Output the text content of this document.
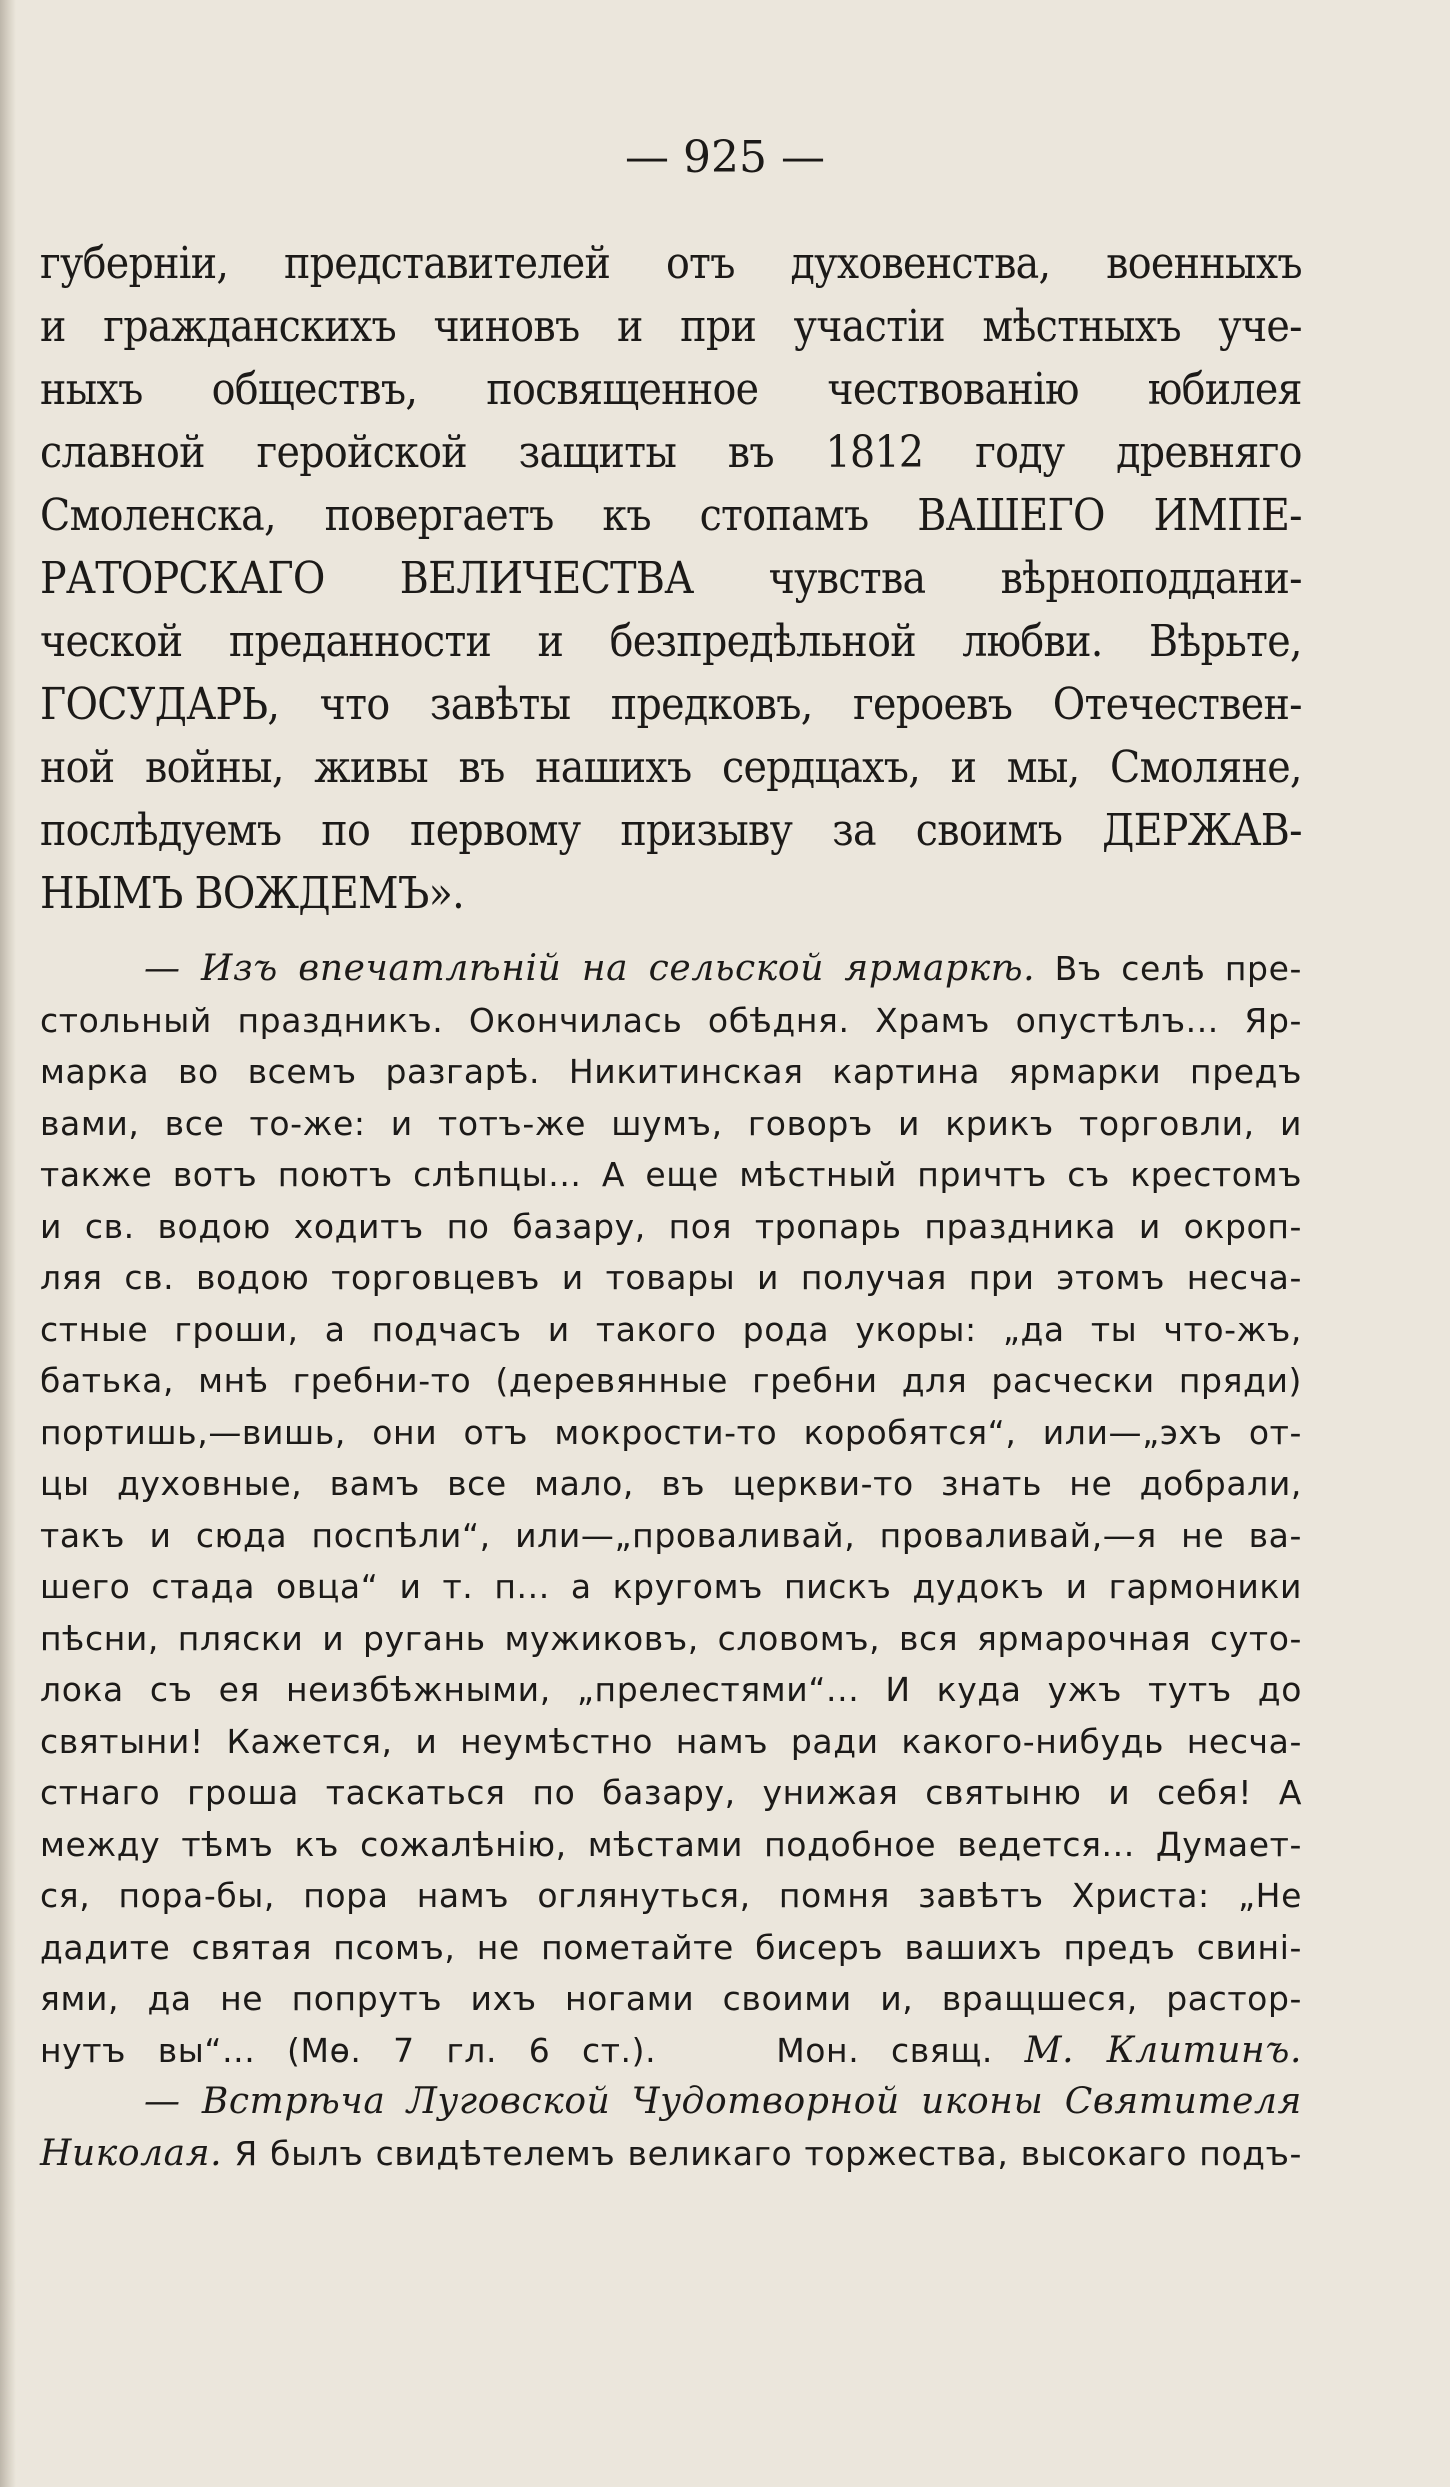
— 925 —
губерніи, представителей отъ духовенства, военныхъ
и гражданскихъ чиновъ и при участіи мѣстныхъ уче-
ныхъ обществъ, посвященное чествованію юбилея
славной геройской защиты въ 1812 году древняго
Смоленска, повергаетъ къ стопамъ ВАШЕГО ИМПЕ-
РАТОРСКАГО ВЕЛИЧЕСТВА чувства вѣрноподдани-
ческой преданности и безпредѣльной любви. Вѣрьте,
ГОСУДАРЬ, что завѣты предковъ, героевъ Отечествен-
ной войны, живы въ нашихъ сердцахъ, и мы, Смоляне,
послѣдуемъ по первому призыву за своимъ ДЕРЖАВ-
НЫМЪ ВОЖДЕМЪ».
— Изъ впечатлѣній на сельской ярмаркѣ. Въ селѣ пре-
стольный праздникъ. Окончилась обѣдня. Храмъ опустѣлъ... Яр-
марка во всемъ разгарѣ. Никитинская картина ярмарки предъ
вами, все то-же: и тотъ-же шумъ, говоръ и крикъ торговли, и
также вотъ поютъ слѣпцы... А еще мѣстный причтъ съ крестомъ
и св. водою ходитъ по базару, поя тропарь праздника и окроп-
ляя св. водою торговцевъ и товары и получая при этомъ несча-
стные гроши, а подчасъ и такого рода укоры: „да ты что-жъ,
батька, мнѣ гребни-то (деревянные гребни для расчески пряди)
портишь,—вишь, они отъ мокрости-то коробятся“, или—„эхъ от-
цы духовные, вамъ все мало, въ церкви-то знать не добрали,
такъ и сюда поспѣли“, или—„проваливай, проваливай,—я не ва-
шего стада овца“ и т. п... а кругомъ пискъ дудокъ и гармоники
пѣсни, пляски и ругань мужиковъ, словомъ, вся ярмарочная суто-
лока съ ея неизбѣжными, „прелестями“... И куда ужъ тутъ до
святыни! Кажется, и неумѣстно намъ ради какого-нибудь несча-
стнаго гроша таскаться по базару, унижая святыню и себя! А
между тѣмъ къ сожалѣнію, мѣстами подобное ведется... Думает-
ся, пора-бы, пора намъ оглянуться, помня завѣтъ Христа: „Не
дадите святая псомъ, не пометайте бисеръ вашихъ предъ свині-
ями, да не попрутъ ихъ ногами своими и, вращшеся, растор-
нутъ вы“... (Мѳ. 7 гл. 6 ст.).	Мон. свящ. М. Клитинъ.
— Встрѣча Луговской Чудотворной иконы Святителя
Николая. Я былъ свидѣтелемъ великаго торжества, высокаго подъ-
